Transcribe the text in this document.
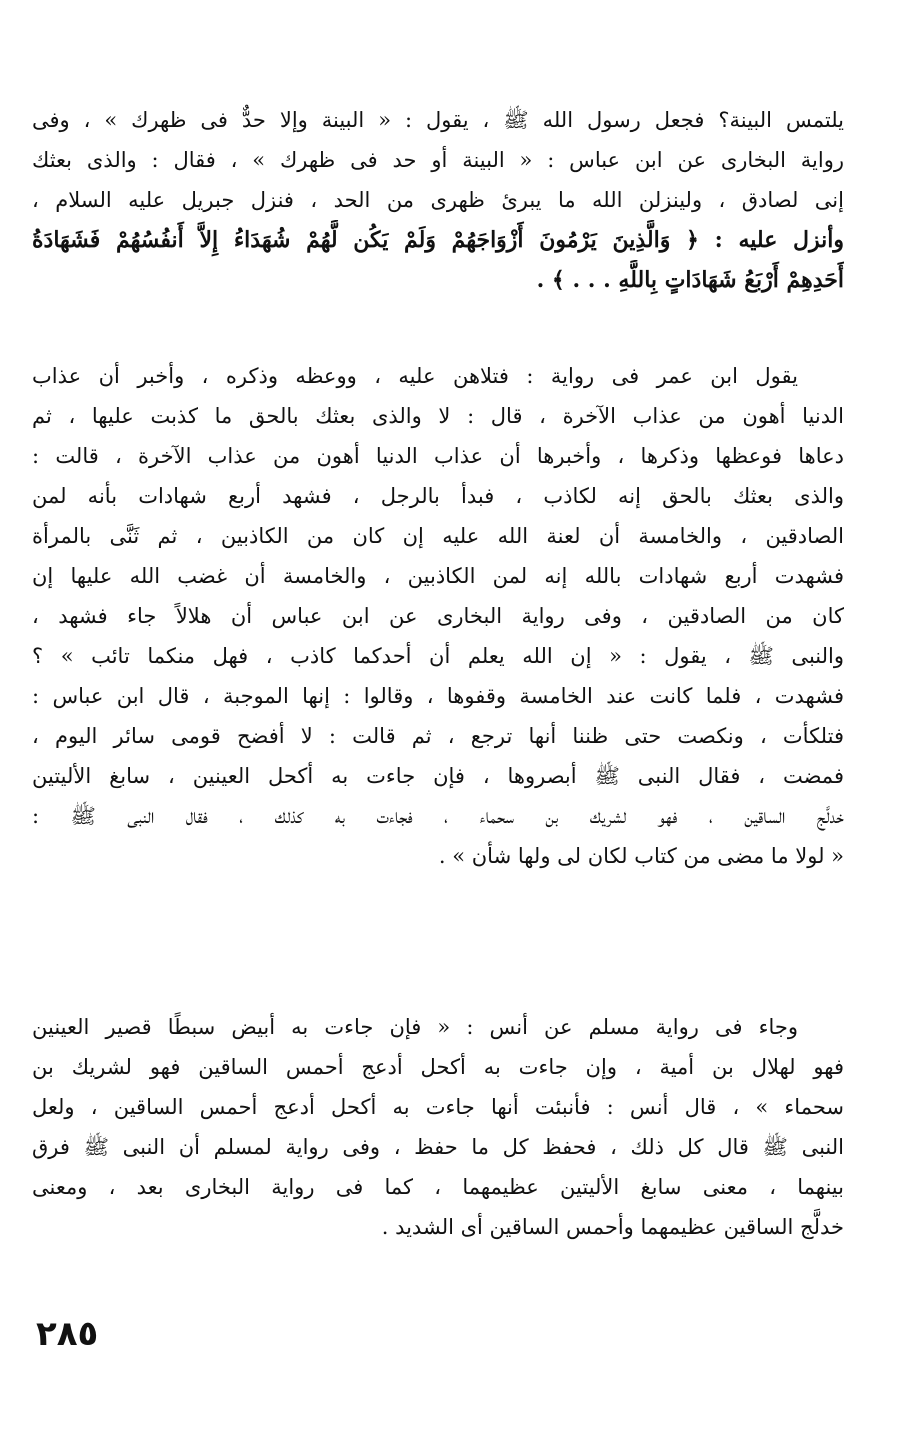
يلتمس البينة؟ فجعل رسول الله ﷺ ، يقول : « البينة وإلا حدٌّ فى ظهرك » ، وفى
رواية البخارى عن ابن عباس : « البينة أو حد فى ظهرك » ، فقال : والذى بعثك
إنى لصادق ، ولينزلن الله ما يبرئ ظهرى من الحد ، فنزل جبريل عليه السلام ،
وأنزل عليه : ﴿ وَالَّذِينَ يَرْمُونَ أَزْوَاجَهُمْ وَلَمْ يَكُن لَّهُمْ شُهَدَاءُ إِلاَّ أَنفُسُهُمْ فَشَهَادَةُ
أَحَدِهِمْ أَرْبَعُ شَهَادَاتٍ بِاللَّهِ . . . ﴾ .
يقول ابن عمر فى رواية : فتلاهن عليه ، ووعظه وذكره ، وأخبر أن عذاب
الدنيا أهون من عذاب الآخرة ، قال : لا والذى بعثك بالحق ما كذبت عليها ، ثم
دعاها فوعظها وذكرها ، وأخبرها أن عذاب الدنيا أهون من عذاب الآخرة ، قالت :
والذى بعثك بالحق إنه لكاذب ، فبدأ بالرجل ، فشهد أربع شهادات بأنه لمن
الصادقين ، والخامسة أن لعنة الله عليه إن كان من الكاذبين ، ثم ثَنَّى بالمرأة
فشهدت أربع شهادات بالله إنه لمن الكاذبين ، والخامسة أن غضب الله عليها إن
كان من الصادقين ، وفى رواية البخارى عن ابن عباس أن هلالاً جاء فشهد ،
والنبى ﷺ ، يقول : « إن الله يعلم أن أحدكما كاذب ، فهل منكما تائب » ؟
فشهدت ، فلما كانت عند الخامسة وقفوها ، وقالوا : إنها الموجبة ، قال ابن عباس :
فتلكأت ، ونكصت حتى ظننا أنها ترجع ، ثم قالت : لا أفضح قومى سائر اليوم ،
فمضت ، فقال النبى ﷺ أبصروها ، فإن جاءت به أكحل العينين ، سابغ الأليتين
خدلَّج الساقين ، فهو لشريك بن سحماء ، فجاءت به كذلك ، فقال النبى ﷺ :
« لولا ما مضى من كتاب لكان لى ولها شأن » .
وجاء فى رواية مسلم عن أنس : « فإن جاءت به أبيض سبطًا قصير العينين
فهو لهلال بن أمية ، وإن جاءت به أكحل أدعج أحمس الساقين فهو لشريك بن
سحماء » ، قال أنس : فأنبئت أنها جاءت به أكحل أدعج أحمس الساقين ، ولعل
النبى ﷺ قال كل ذلك ، فحفظ كل ما حفظ ، وفى رواية لمسلم أن النبى ﷺ فرق
بينهما ، معنى سابغ الأليتين عظيمهما ، كما فى رواية البخارى بعد ، ومعنى
خدلَّج الساقين عظيمهما وأحمس الساقين أى الشديد .
٢٨٥
